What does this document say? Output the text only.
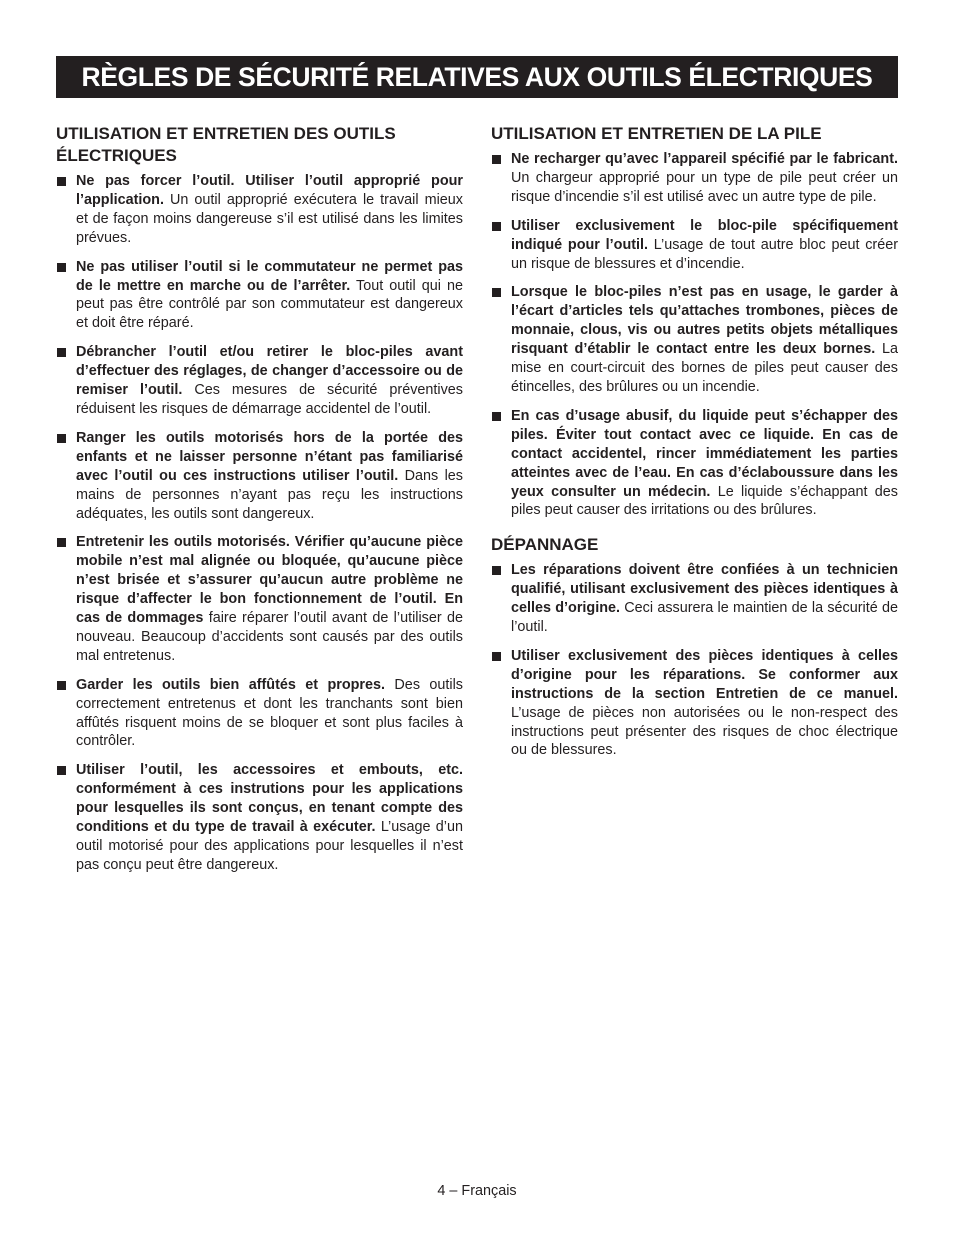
RÈGLES DE SÉCURITÉ RELATIVES AUX OUTILS ÉLECTRIQUES
UTILISATION ET ENTRETIEN DES OUTILS ÉLECTRIQUES
Ne pas forcer l’outil. Utiliser l’outil approprié pour l’application. Un outil approprié exécutera le travail mieux et de façon moins dangereuse s’il est utilisé dans les limites prévues.
Ne pas utiliser l’outil si le commutateur ne permet pas de le mettre en marche ou de l’arrêter. Tout outil qui ne peut pas être contrôlé par son commutateur est dangereux et doit être réparé.
Débrancher l’outil et/ou retirer le bloc-piles avant d’effectuer des réglages, de changer d’accessoire ou de remiser l’outil. Ces mesures de sécurité préventives réduisent les risques de démarrage accidentel de l’outil.
Ranger les outils motorisés hors de la portée des enfants et ne laisser personne n’étant pas familiarisé avec l’outil ou ces instructions utiliser l’outil. Dans les mains de personnes n’ayant pas reçu les instructions adéquates, les outils sont dangereux.
Entretenir les outils motorisés. Vérifier qu’aucune pièce mobile n’est mal alignée ou bloquée, qu’aucune pièce n’est brisée et s’assurer qu’aucun autre problème ne risque d’affecter le bon fonctionnement de l’outil. En cas de dommages faire réparer l’outil avant de l’utiliser de nouveau. Beaucoup d’accidents sont causés par des outils mal entretenus.
Garder les outils bien affûtés et propres. Des outils correctement entretenus et dont les tranchants sont bien affûtés risquent moins de se bloquer et sont plus faciles à contrôler.
Utiliser l’outil, les accessoires et embouts, etc. conformément à ces instrutions pour les applications pour lesquelles ils sont conçus, en tenant compte des conditions et du type de travail à exécuter. L’usage d’un outil motorisé pour des applications pour lesquelles il n’est pas conçu peut être dangereux.
UTILISATION ET ENTRETIEN DE LA PILE
Ne recharger qu’avec l’appareil spécifié par le fabricant. Un chargeur approprié pour un type de pile peut créer un risque d’incendie s’il est utilisé avec un autre type de pile.
Utiliser exclusivement le bloc-pile spécifiquement indiqué pour l’outil. L’usage de tout autre bloc peut créer un risque de blessures et d’incendie.
Lorsque le bloc-piles n’est pas en usage, le garder à l’écart d’articles tels qu’attaches trombones, pièces de monnaie, clous, vis ou autres petits objets métalliques risquant d’établir le contact entre les deux bornes. La mise en court-circuit des bornes de piles peut causer des étincelles, des brûlures ou un incendie.
En cas d’usage abusif, du liquide peut s’échapper des piles. Éviter tout contact avec ce liquide. En cas de contact accidentel, rincer immédiatement les parties atteintes avec de l’eau. En cas d’éclaboussure dans les yeux consulter un médecin. Le liquide s’échappant des piles peut causer des irritations ou des brûlures.
DÉPANNAGE
Les réparations doivent être confiées à un technicien qualifié, utilisant exclusivement des pièces identiques à celles d’origine. Ceci assurera le maintien de la sécurité de l’outil.
Utiliser exclusivement des pièces identiques à celles d’origine pour les réparations. Se conformer aux instructions de la section Entretien de ce manuel. L’usage de pièces non autorisées ou le non-respect des instructions peut présenter des risques de choc électrique ou de blessures.
4 – Français
